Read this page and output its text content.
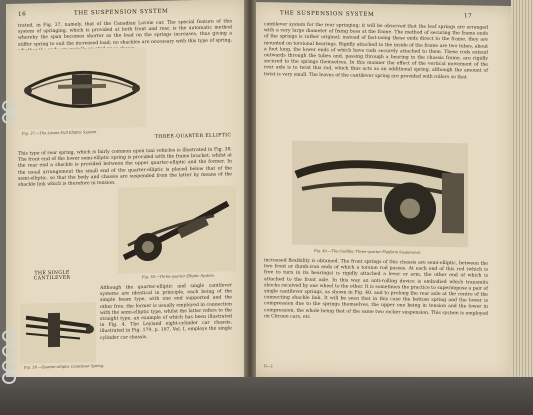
16	THE SUSPENSION SYSTEM
trated, in Fig. 37, namely, that of the Canadian Lavoie car. The special feature of this system of springing, which is provided at both front and rear, is the automatic method whereby the span becomes shorter as the load on the springs increases, thus giving a stiffer spring to suit the increased load; no shackles are necessary with this type of spring,
Fig. 37.—The Lavoie Full Elliptic System.
THREE-QUARTER ELLIPTIC
This type of rear spring, which is fairly common upon taxi vehicles is illustrated in Fig. 38. The front end of the lower semi-elliptic spring is provided with the frame bracket, whilst at the rear end a shackle is provided between the upper quarter-elliptic and the former. In the usual arrangement the small end of the quarter-elliptic is placed below that of the semi-elliptic, so that the body and chassis are suspended from the latter by means of the shackle link which is therefore in tension.
Fig. 38.—Three-quarter Elliptic System.
THE SINGLE CANTILEVER
Fig. 39.—Quarter-elliptic Cantilever Spring.
Although the quarter-elliptic and single cantilever systems are identical in principle, each being of the simple beam type, with one end supported and the other free, the former is usually employed in connection with the semi-elliptic type, whilst the latter refers to the straight type, an example of which has been illustrated in Fig. 4. The Leyland eight-cylinder car chassis, illustrated in Fig. 179, p. 197, Vol. I, employs the single cylinder car chassis.
THE SUSPENSION SYSTEM	17
cantilever system for the rear springing; it will be observed that the leaf springs are arranged with a very large diameter of fixing boss at the frame. The method of securing the frame ends of the springs is rather original; instead of fast-using these ends direct to the frame, they are mounted on torsional bearings. Rigidly attached to the inside of the frame are two tubes, about a foot long, the lower ends of which have rods securely attached to them. These rods extend outwards through the tubes and, passing through a bearing in the chassis frame, are rigidly secured to the springs themselves. In this manner the effect of the vertical movement of the rear axle is to twist this rod, which thus acts as an additional spring, although the amount of twist is very small. The leaves of the cantilever spring are provided with rollers so that
Fig. 40.—The Cadillac Three-quarter Platform Suspension.
increased flexibility is obtained. The front springs of this chassis are semi-elliptic, between the two front or dumb-iron ends of which a torsion rod passes. At each end of this rod (which is free to turn in its bearings) is rigidly attached a lever or arm, the other end of which is attached to the front axle. In this way an anti-rolling device is embodied which transmits shocks received by one wheel to the other. It is sometimes the practice to superimpose a pair of single cantilever springs, as shown in Fig. 40, and to prolong the rear axle at the centre of the connecting shackle link. It will be seen that in this case the bottom spring and the lower is compression due to the springs themselves, the upper one being in tension and the lower in compression, the whole being that of the same two rocker suspension. This system is employed on Citroen cars, etc.
II—2
